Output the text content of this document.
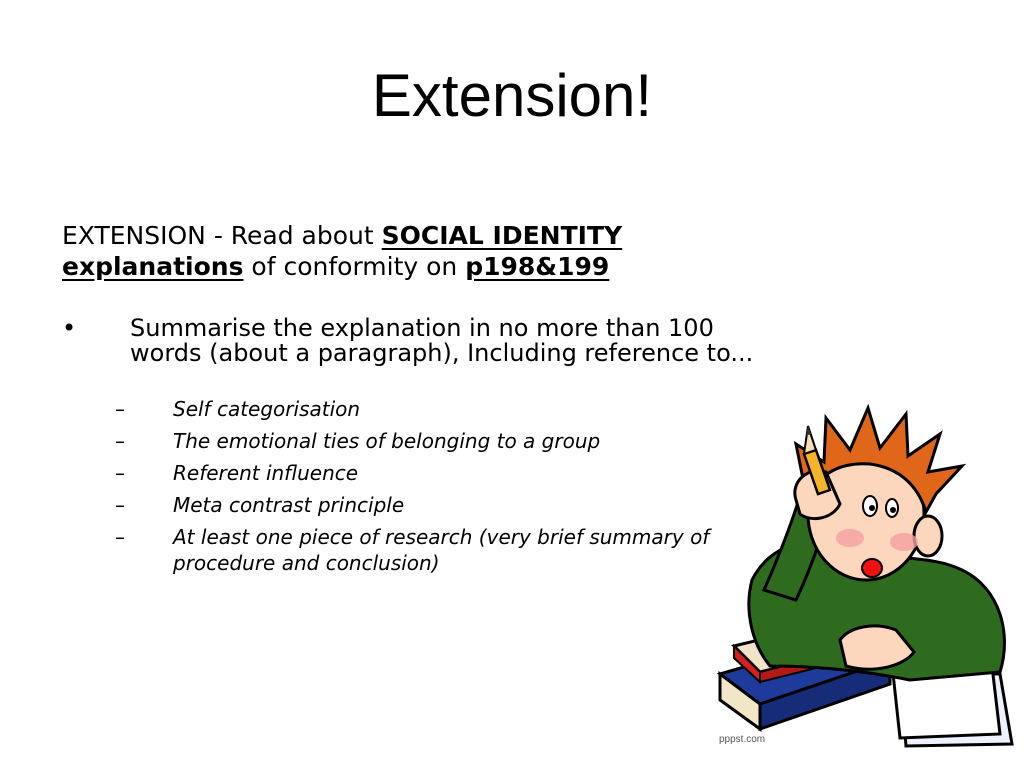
Extension!
EXTENSION - Read about SOCIAL IDENTITY
explanations of conformity on p198&199
• Summarise the explanation in no more than 100 words (about a paragraph), Including reference to...
– Self categorisation
– The emotional ties of belonging to a group
– Referent influence
– Meta contrast principle
– At least one piece of research (very brief summary of procedure and conclusion)
pppst.com
